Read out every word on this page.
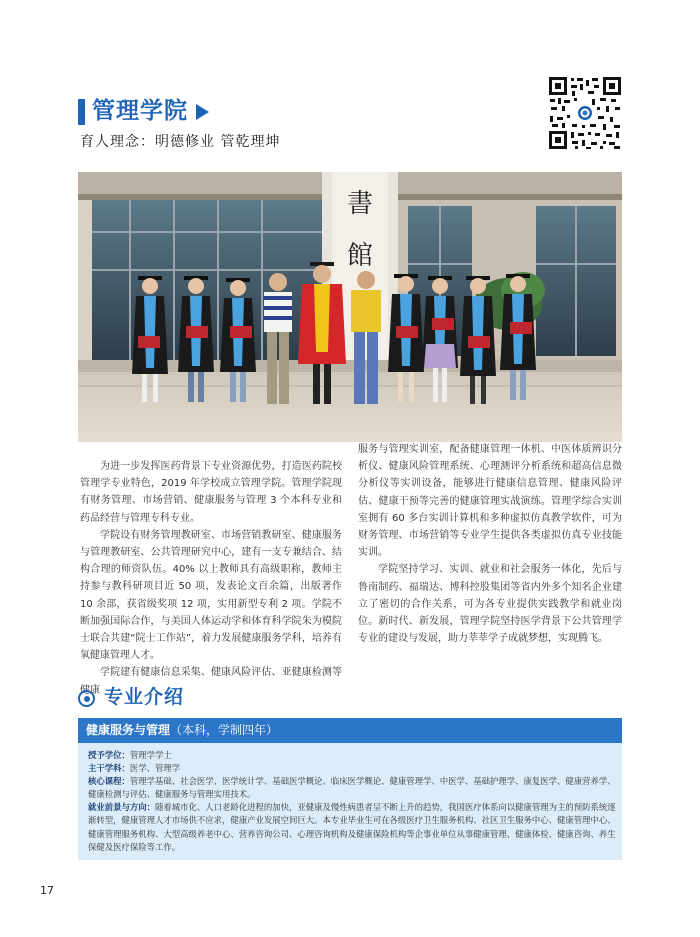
管理学院
育人理念：明德修业 管乾理坤
書
館

为进一步发挥医药背景下专业资源优势，打造医药院校管理学专业特色，2019 年学校成立管理学院。管理学院现有财务管理、市场营销、健康服务与管理 3 个本科专业和药品经营与管理专科专业。

学院设有财务管理教研室、市场营销教研室、健康服务与管理教研室、公共管理研究中心，建有一支专兼结合、结构合理的师资队伍。40% 以上教师具有高级职称，教师主持参与教科研项目近 50 项，发表论文百余篇，出版著作 10 余部，获省级奖项 12 项，实用新型专利 2 项。学院不断加强国际合作，与美国人体运动学和体育科学院朱为模院士联合共建“院士工作站”，着力发展健康服务学科，培养有氧健康管理人才。

学院建有健康信息采集、健康风险评估、亚健康检测等健康

服务与管理实训室，配备健康管理一体机、中医体质辨识分析仪、健康风险管理系统、心理测评分析系统和超高信息微分析仪等实训设备，能够进行健康信息管理、健康风险评估、健康干预等完善的健康管理实战演练。管理学综合实训室拥有 60 多台实训计算机和多种虚拟仿真教学软件，可为财务管理、市场营销等专业学生提供各类虚拟仿真专业技能实训。

学院坚持学习、实训、就业和社会服务一体化，先后与鲁南制药、福瑞达、博科控股集团等省内外多个知名企业建立了密切的合作关系，可为各专业提供实践教学和就业岗位。新时代、新发展，管理学院坚持医学背景下公共管理学专业的建设与发展，助力莘莘学子成就梦想，实现腾飞。

专业介绍
健康服务与管理（本科，学制四年）

授予学位：管理学学士

主干学科：医学、管理学

核心课程：管理学基础、社会医学、医学统计学、基础医学概论、临床医学概论、健康管理学、中医学、基础护理学、康复医学、健康营养学、健康检测与评估、健康服务与管理实用技术。

就业前景与方向：随着城市化、人口老龄化进程的加快，亚健康及慢性病患者呈不断上升的趋势，我国医疗体系向以健康管理为主的预防系统逐渐转型，健康管理人才市场供不应求，健康产业发展空间巨大。本专业毕业生可在各级医疗卫生服务机构、社区卫生服务中心、健康管理中心、健康管理服务机构、大型高级养老中心、营养咨询公司、心理咨询机构及健康保险机构等企事业单位从事健康管理、健康体检、健康咨询、养生保健及医疗保险等工作。

17
